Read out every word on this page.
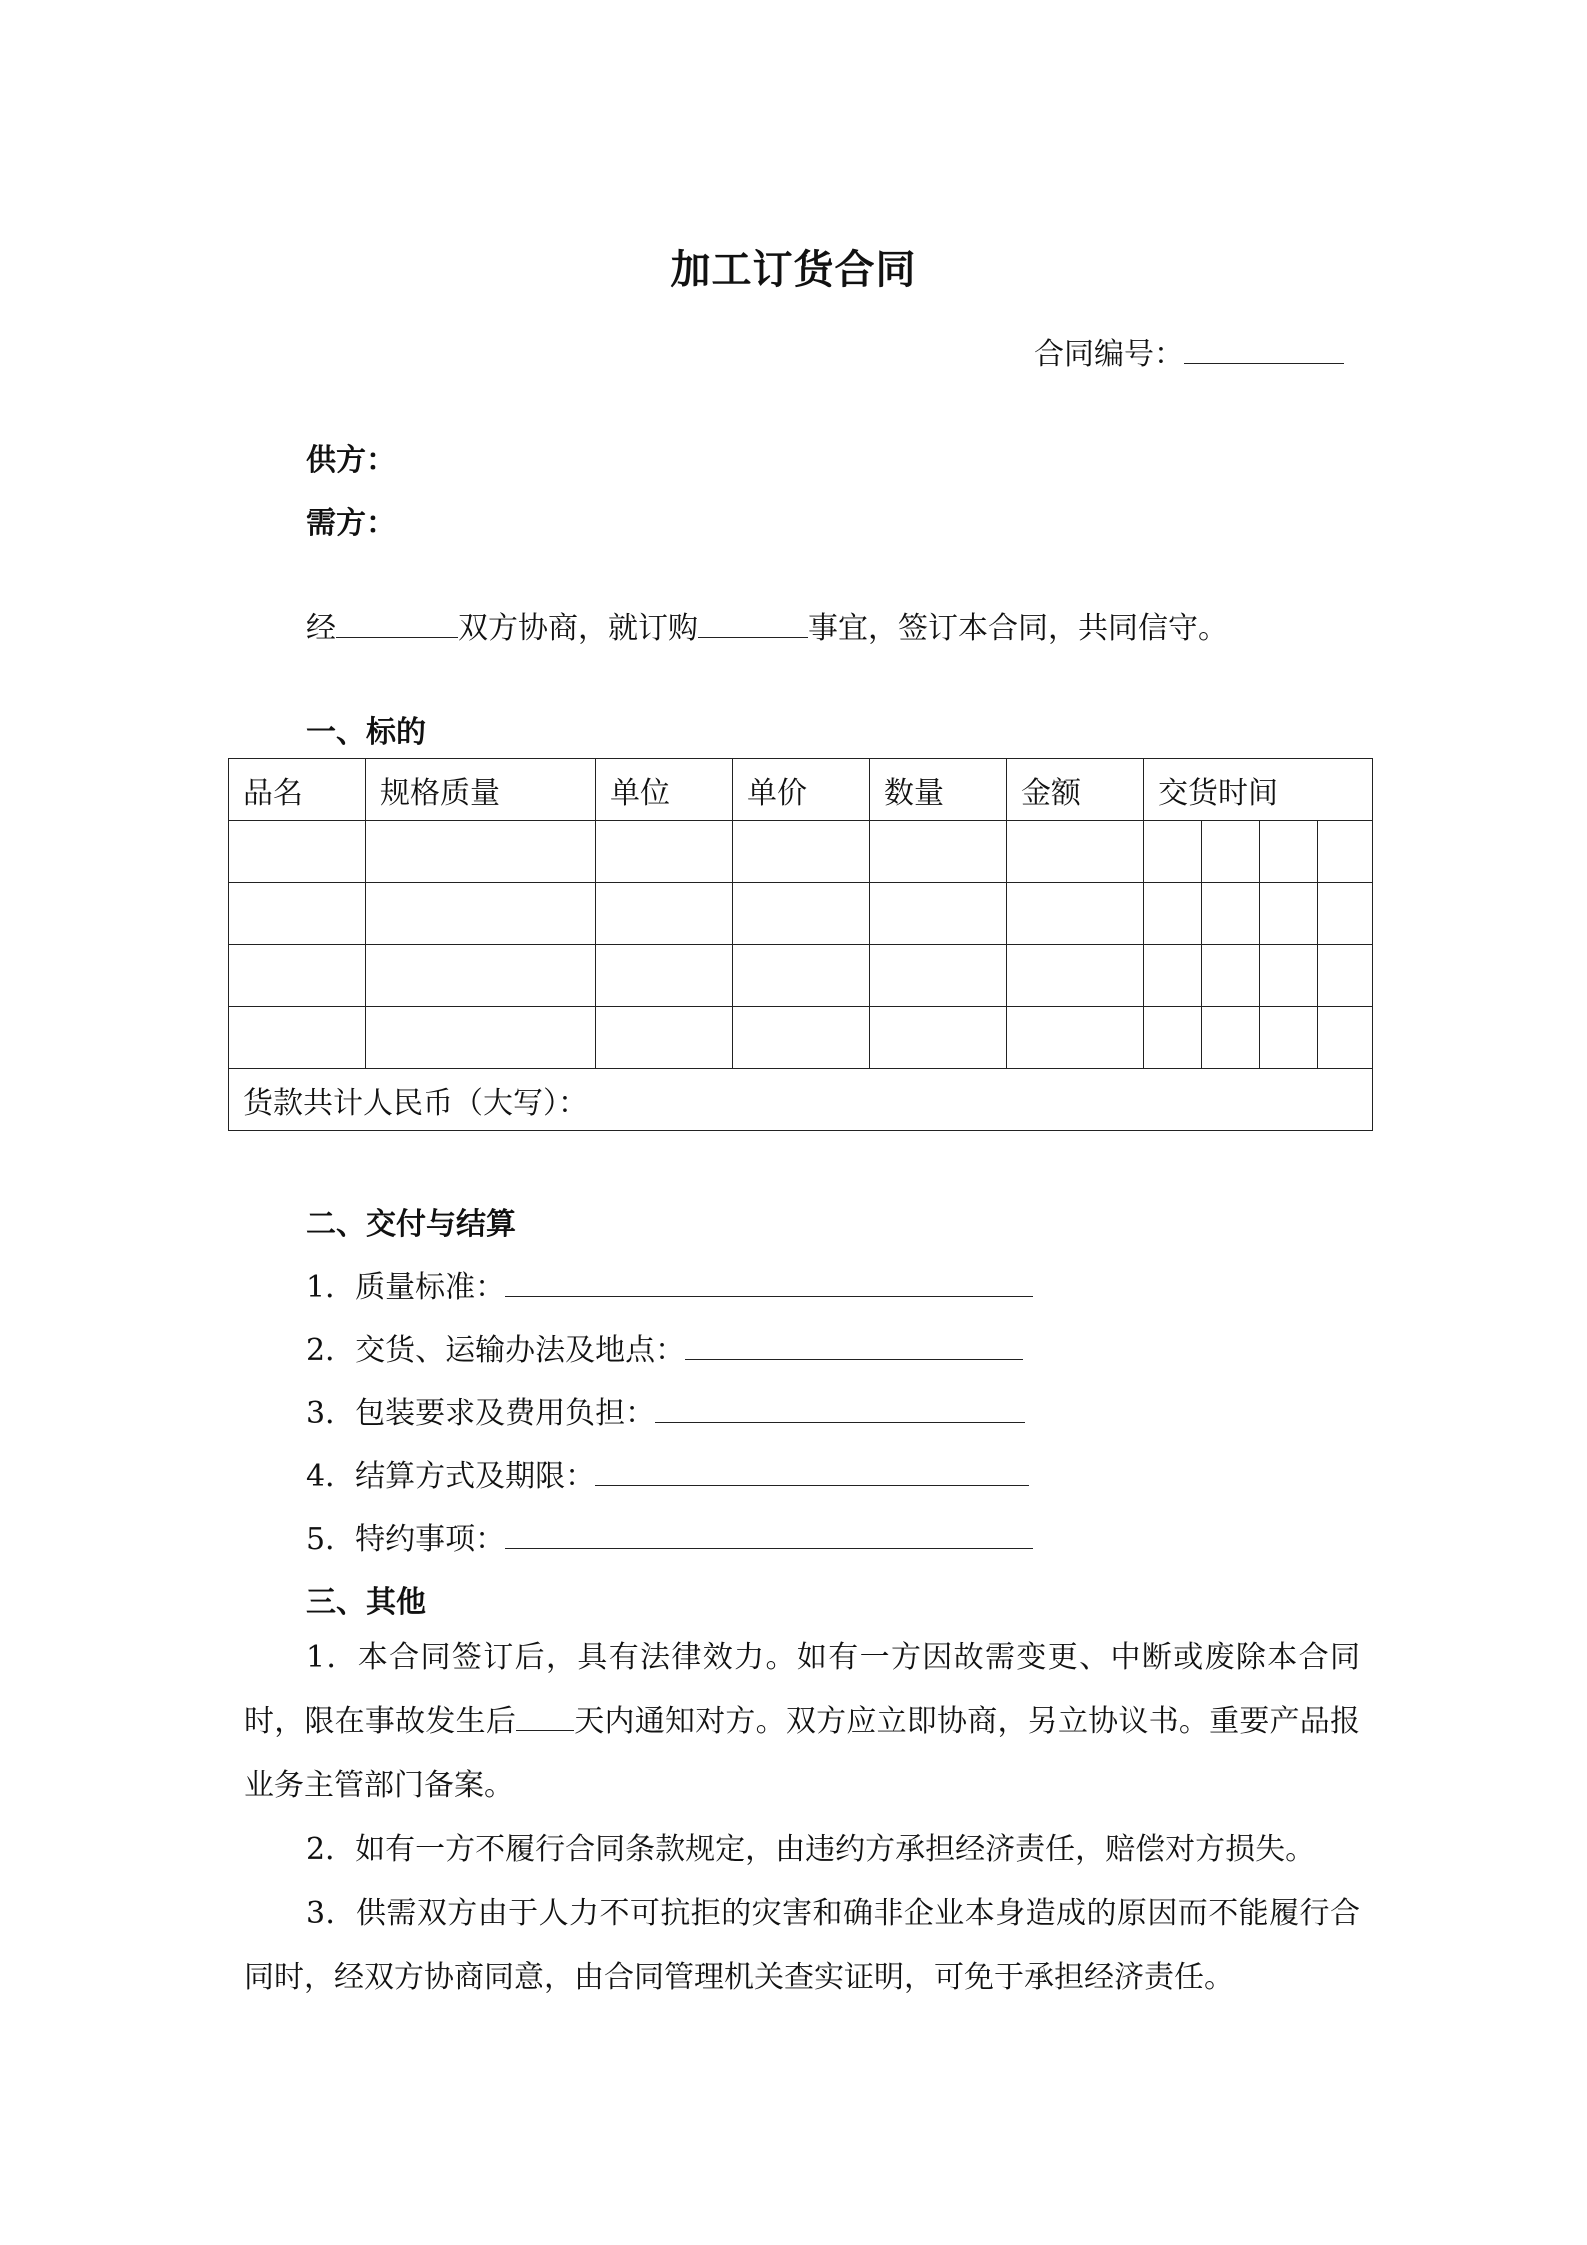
加工订货合同
合同编号：
供方：
需方：
经	双方协商，就订购	事宜，签订本合同，共同信守。
一、标的
品名	规格质量	单位	单价	数量	金额	交货时间			

货款共计人民币（大写）：									
二、交付与结算
1．质量标准：
2．交货、运输办法及地点：
3．包装要求及费用负担：
4．结算方式及期限：
5．特约事项：
三、其他
1．本合同签订后，具有法律效力。如有一方因故需变更、中断或废除本合同时，限在事故发生后 天内通知对方。双方应立即协商，另立协议书。重要产品报业务主管部门备案。
2．如有一方不履行合同条款规定，由违约方承担经济责任，赔偿对方损失。
3．供需双方由于人力不可抗拒的灾害和确非企业本身造成的原因而不能履行合同时，经双方协商同意，由合同管理机关查实证明，可免于承担经济责任。
